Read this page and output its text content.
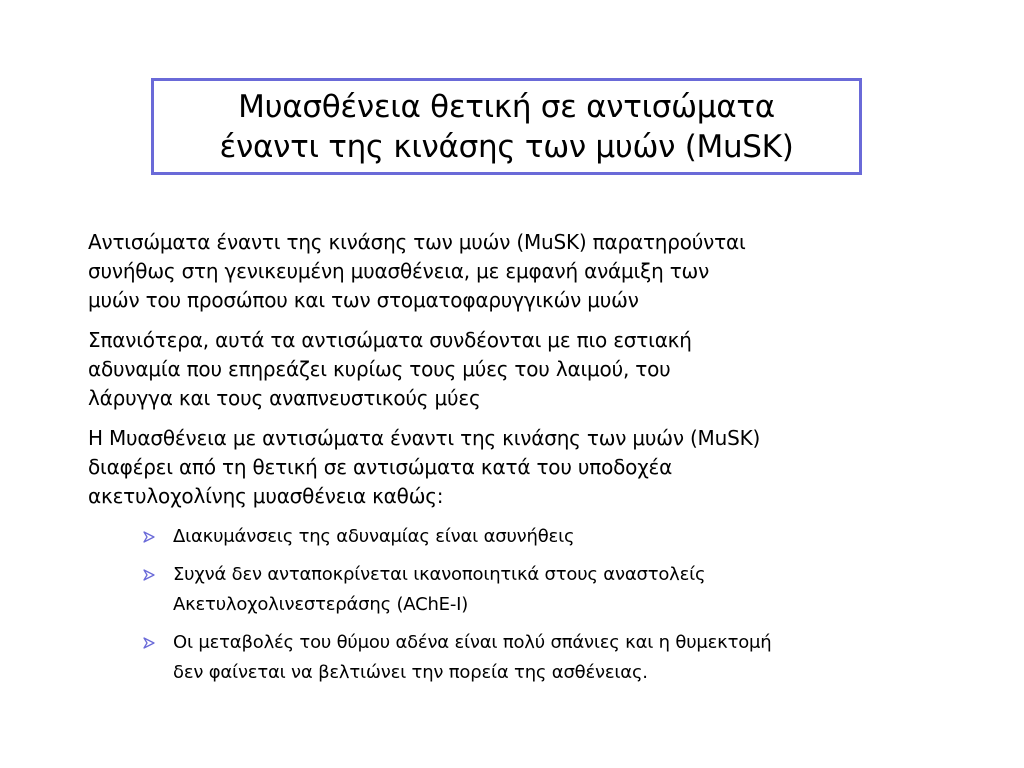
Μυασθένεια θετική σε αντισώματα
έναντι της κινάσης των μυών (MuSK)
Αντισώματα έναντι της κινάσης των μυών (MuSK) παρατηρούνται
συνήθως στη γενικευμένη μυασθένεια, με εμφανή ανάμιξη των
μυών του προσώπου και των στοματοφαρυγγικών μυών
Σπανιότερα, αυτά τα αντισώματα συνδέονται με πιο εστιακή
αδυναμία που επηρεάζει κυρίως τους μύες του λαιμού, του
λάρυγγα και τους αναπνευστικούς μύες
Η Μυασθένεια με αντισώματα έναντι της κινάσης των μυών (MuSK)
διαφέρει από τη θετική σε αντισώματα κατά του υποδοχέα
ακετυλοχολίνης μυασθένεια καθώς:
Διακυμάνσεις της αδυναμίας είναι ασυνήθεις
Συχνά δεν ανταποκρίνεται ικανοποιητικά στους αναστολείς
Ακετυλοχολινεστεράσης (AChE-I)
Οι μεταβολές του θύμου αδένα είναι πολύ σπάνιες και η θυμεκτομή
δεν φαίνεται να βελτιώνει την πορεία της ασθένειας.
